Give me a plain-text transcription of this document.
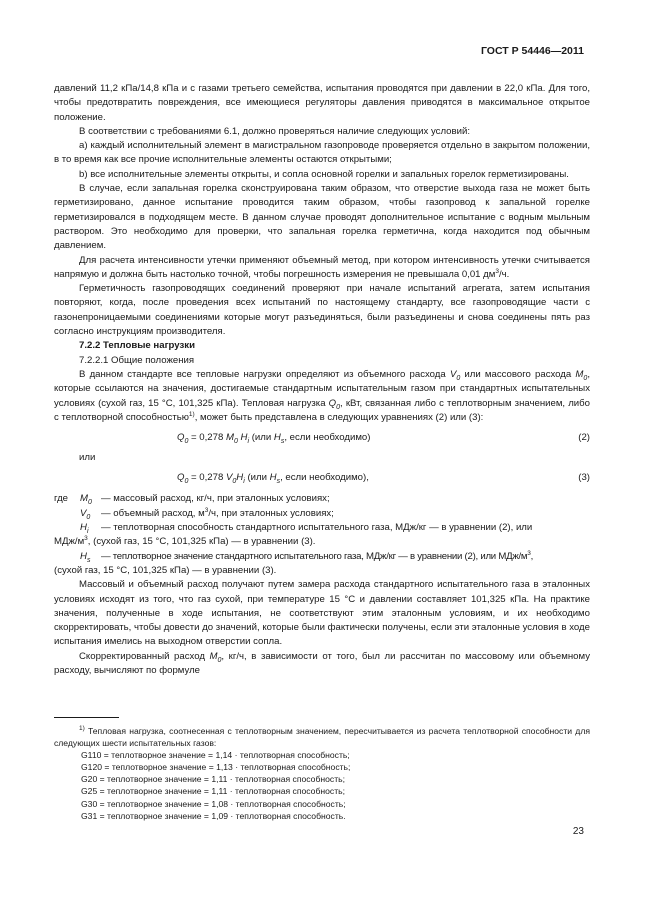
ГОСТ Р 54446—2011

давлений 11,2 кПа/14,8 кПа и с газами третьего семейства, испытания проводятся при давлении в 22,0 кПа. Для того, чтобы предотвратить повреждения, все имеющиеся регуляторы давления приводятся в максимальное открытое положение.

В соответствии с требованиями 6.1, должно проверяться наличие следующих условий:

а) каждый исполнительный элемент в магистральном газопроводе проверяется отдельно в закрытом положении, в то время как все прочие исполнительные элементы остаются открытыми;

b) все исполнительные элементы открыты, и сопла основной горелки и запальных горелок герметизированы.

В случае, если запальная горелка сконструирована таким образом, что отверстие выхода газа не может быть герметизировано, данное испытание проводится таким образом, чтобы газопровод к запальной горелке герметизировался в подходящем месте. В данном случае проводят дополнительное испытание с водным мыльным раствором. Это необходимо для проверки, что запальная горелка герметична, когда находится под обычным давлением.

Для расчета интенсивности утечки применяют объемный метод, при котором интенсивность утечки считывается напрямую и должна быть настолько точной, чтобы погрешность измерения не превышала 0,01 $дм^3/ч$.

Герметичность газопроводящих соединений проверяют при начале испытаний агрегата, затем испытания повторяют, когда, после проведения всех испытаний по настоящему стандарту, все газопроводящие части с газонепроницаемыми соединениями которые могут разъединяться, были разъединены и снова соединены пять раз согласно инструкциям производителя.

7.2.2 Тепловые нагрузки

7.2.2.1 Общие положения

В данном стандарте все тепловые нагрузки определяют из объемного расхода $V_0$ или массового расхода $M_0$, которые ссылаются на значения, достигаемые стандартным испытательным газом при стандартных испытательных условиях (сухой газ, 15 °С, 101,325 кПа). Тепловая нагрузка $Q_0$, кВт, связанная либо с теплотворным значением, либо с теплотворной способностью$^{1)}$, может быть представлена в следующих уравнениях (2) или (3):

$Q_0 = 0,278$ $M_0$ $H_i$ (или $H_s$, если необходимо)	(2)
или
$Q_0 = 0,278$ $V_0H_i$ (или $H_s$, если необходимо),	(3)
где	$M_0$ — массовый расход, кг/ч, при эталонных условиях;
$V_0$	— объемный расход, $м^3/ч$, при эталонных условиях;
$H_i$	— теплотворная способность стандартного испытательного газа, МДж/кг — в уравнении (2), или
МДж/$м^3$, (сухой газ, 15 °С, 101,325 кПа) — в уравнении (3).
$H_s$	— теплотворное значение стандартного испытательного газа, МДж/кг — в уравнении (2), или МДж/$м^3$,
(сухой газ, 15 °С, 101,325 кПа) — в уравнении (3).

Массовый и объемный расход получают путем замера расхода стандартного испытательного газа в эталонных условиях исходят из того, что газ сухой, при температуре 15 °С и давлении составляет 101,325 кПа. На практике значения, полученные в ходе испытания, не соответствуют этим эталонным условиям, и их необходимо скорректировать, чтобы довести до значений, которые были фактически получены, если эти эталонные условия в ходе испытания имелись на выходном отверстии сопла.

Скорректированный расход $M_0$, кг/ч, в зависимости от того, был ли рассчитан по массовому или объемному расходу, вычисляют по формуле

$^{1)}$ Тепловая нагрузка, соотнесенная с теплотворным значением, пересчитывается из расчета теплотворной способности для следующих шести испытательных газов:

G110 = теплотворное значение = 1,14 · теплотворная способность;
G120 = теплотворное значение = 1,13 · теплотворная способность;
G20 = теплотворное значение = 1,11 · теплотворная способность;
G25 = теплотворное значение = 1,11 · теплотворная способность;
G30 = теплотворное значение = 1,08 · теплотворная способность;
G31 = теплотворное значение = 1,09 · теплотворная способность.
23
